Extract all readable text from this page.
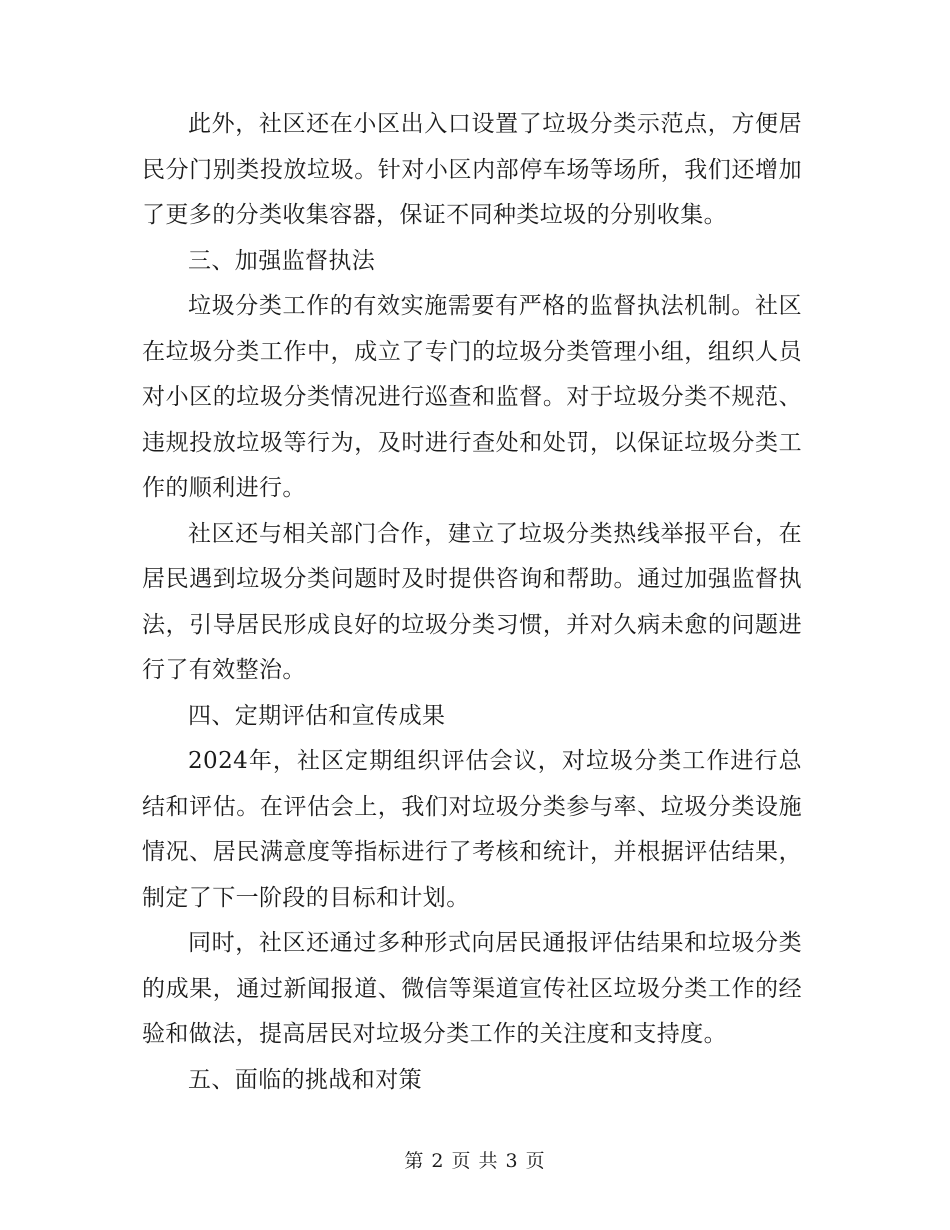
此外，社区还在小区出入口设置了垃圾分类示范点，方便居民分门别类投放垃圾。针对小区内部停车场等场所，我们还增加了更多的分类收集容器，保证不同种类垃圾的分别收集。

三、加强监督执法

垃圾分类工作的有效实施需要有严格的监督执法机制。社区在垃圾分类工作中，成立了专门的垃圾分类管理小组，组织人员对小区的垃圾分类情况进行巡查和监督。对于垃圾分类不规范、违规投放垃圾等行为，及时进行查处和处罚，以保证垃圾分类工作的顺利进行。

社区还与相关部门合作，建立了垃圾分类热线举报平台，在居民遇到垃圾分类问题时及时提供咨询和帮助。通过加强监督执法，引导居民形成良好的垃圾分类习惯，并对久病未愈的问题进行了有效整治。

四、定期评估和宣传成果

2024年，社区定期组织评估会议，对垃圾分类工作进行总结和评估。在评估会上，我们对垃圾分类参与率、垃圾分类设施情况、居民满意度等指标进行了考核和统计，并根据评估结果，制定了下一阶段的目标和计划。

同时，社区还通过多种形式向居民通报评估结果和垃圾分类的成果，通过新闻报道、微信等渠道宣传社区垃圾分类工作的经验和做法，提高居民对垃圾分类工作的关注度和支持度。

五、面临的挑战和对策

第 2 页 共 3 页
